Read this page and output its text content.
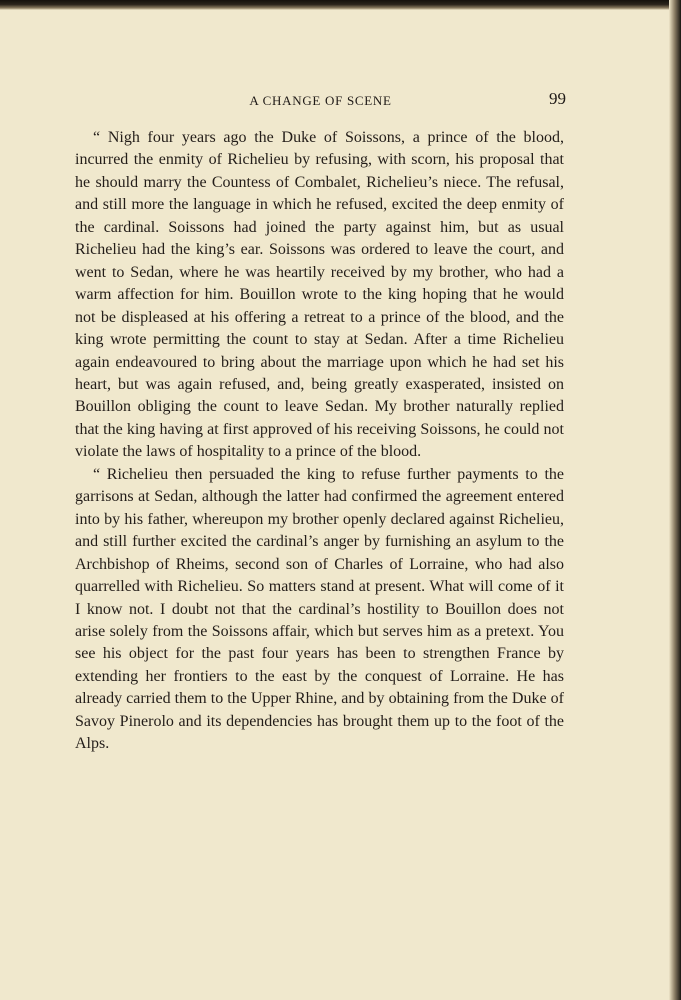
A CHANGE OF SCENE	99

“ Nigh four years ago the Duke of Soissons, a prince of the blood, incurred the enmity of Richelieu by refusing, with scorn, his proposal that he should marry the Countess of Combalet, Richelieu’s niece. The refusal, and still more the language in which he refused, excited the deep enmity of the cardinal. Soissons had joined the party against him, but as usual Richelieu had the king’s ear. Soissons was ordered to leave the court, and went to Sedan, where he was heartily received by my brother, who had a warm affection for him. Bouillon wrote to the king hoping that he would not be displeased at his offering a retreat to a prince of the blood, and the king wrote permitting the count to stay at Sedan. After a time Richelieu again endeavoured to bring about the marriage upon which he had set his heart, but was again refused, and, being greatly exasperated, insisted on Bouillon obliging the count to leave Sedan. My brother naturally replied that the king having at first approved of his receiving Soissons, he could not violate the laws of hospitality to a prince of the blood.

“ Richelieu then persuaded the king to refuse further payments to the garrisons at Sedan, although the latter had confirmed the agreement entered into by his father, whereupon my brother openly declared against Richelieu, and still further excited the cardinal’s anger by furnishing an asylum to the Archbishop of Rheims, second son of Charles of Lorraine, who had also quarrelled with Richelieu. So matters stand at present. What will come of it I know not. I doubt not that the cardinal’s hostility to Bouillon does not arise solely from the Soissons affair, which but serves him as a pretext. You see his object for the past four years has been to strengthen France by extending her frontiers to the east by the conquest of Lorraine. He has already carried them to the Upper Rhine, and by obtaining from the Duke of Savoy Pinerolo and its dependencies has brought them up to the foot of the Alps.
